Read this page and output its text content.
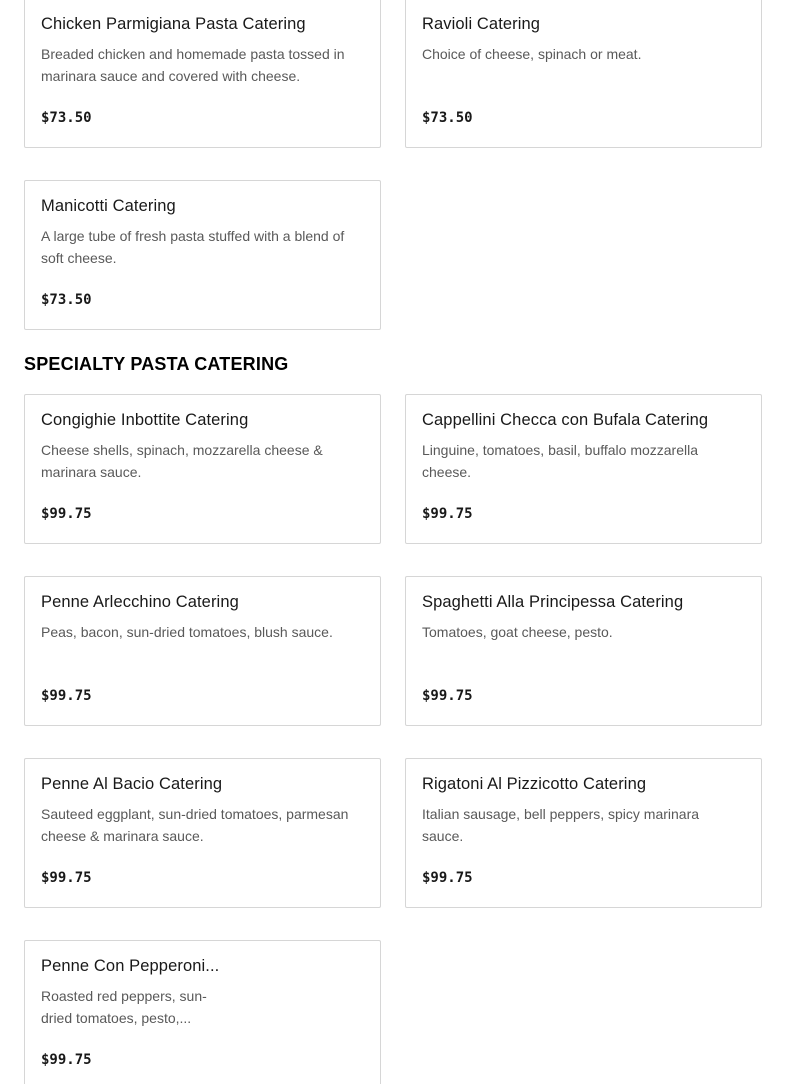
Chicken Parmigiana Pasta Catering
Breaded chicken and homemade pasta tossed in marinara sauce and covered with cheese.
$73.50
Ravioli Catering
Choice of cheese, spinach or meat.
$73.50
Manicotti Catering
A large tube of fresh pasta stuffed with a blend of soft cheese.
$73.50
SPECIALTY PASTA CATERING
Congighie Inbottite Catering
Cheese shells, spinach, mozzarella cheese & marinara sauce.
$99.75
Cappellini Checca con Bufala Catering
Linguine, tomatoes, basil, buffalo mozzarella cheese.
$99.75
Penne Arlecchino Catering
Peas, bacon, sun-dried tomatoes, blush sauce.
$99.75
Spaghetti Alla Principessa Catering
Tomatoes, goat cheese, pesto.
$99.75
Penne Al Bacio Catering
Sauteed eggplant, sun-dried tomatoes, parmesan cheese & marinara sauce.
$99.75
Rigatoni Al Pizzicotto Catering
Italian sausage, bell peppers, spicy marinara sauce.
$99.75
Penne Con Pepperoni...
Roasted red peppers, sun-dried tomatoes, pesto,...
$99.75
